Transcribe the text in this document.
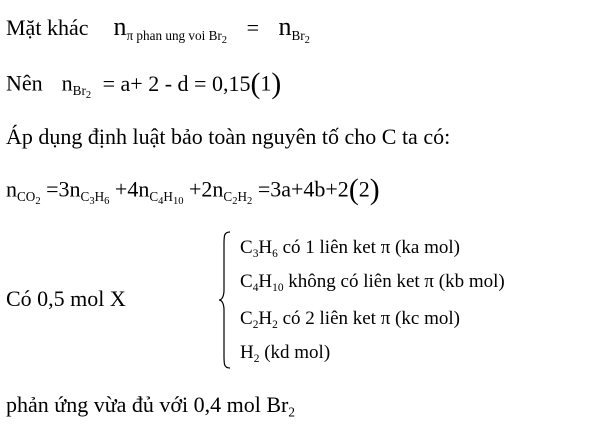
Mặt khác $n_{\pi phan ung voi Br_2} = n_{Br_2}$
Nên $n_{Br_2} = a+ 2 - d = 0,15(1)$
Áp dụng định luật bảo toàn nguyên tố cho C ta có:
$n_{CO_2} =3n_{C_3H_6} +4n_{C_4H_{10}} +2n_{C_2H_2} =3a+4b+2(2)$
Có 0,5 mol X
$C_3H_6$ có 1 liên ket π (ka mol)
$C_4H_{10}$ không có liên ket π (kb mol)
$C_2H_2$ có 2 liên ket π (kc mol)
$H_2$ (kd mol)
phản ứng vừa đủ với 0,4 mol $Br_2$
